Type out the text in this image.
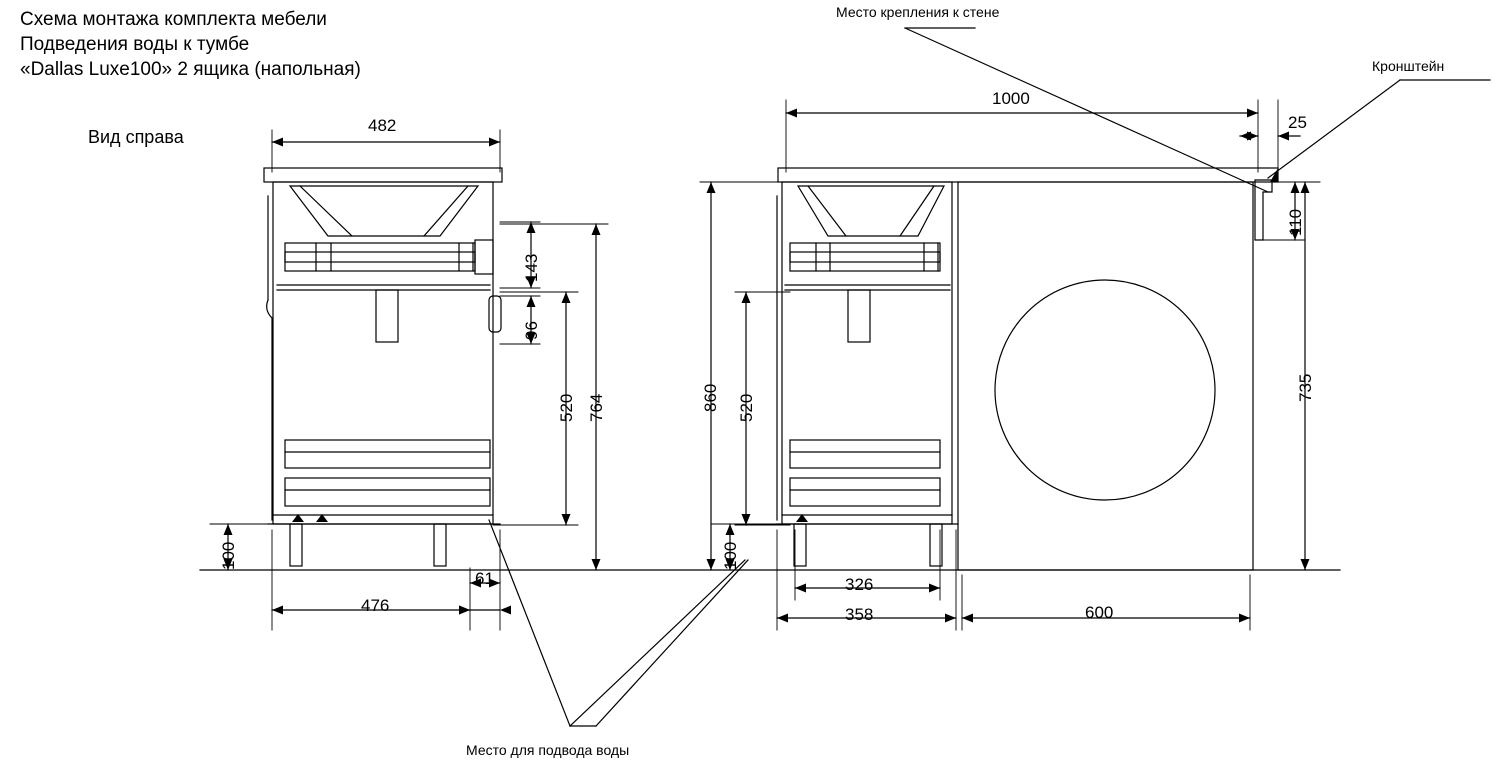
Схема монтажа комплекта мебели
Подведения воды к тумбе
«Dallas Luxe100» 2 ящика (напольная)
Вид справа
Место крепления к стене
Кронштейн
Место для подвода воды
482
143
96
520 764
100
476
61
1000
25
110
735
860 520
100
326
358	600
